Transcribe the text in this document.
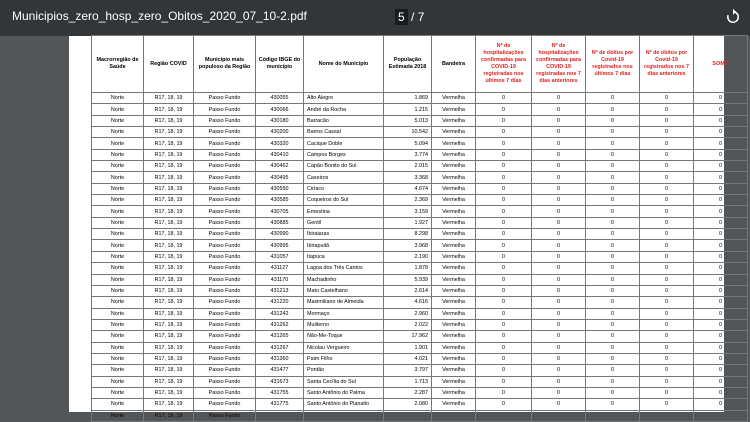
Municipios_zero_hosp_zero_Obitos_2020_07_10-2.pdf	5 / 7
Macrorregião de Saúde	Região COVID	Município mais populoso da Região	Código IBGE do município	Nome do Município	População Estimada 2018	Bandeira	Nº de hospitalizações confirmadas para COVID-19 registradas nos últimos 7 dias	Nº de hospitalizações confirmadas para COVID-19 registradas nos 7 dias anteriores	Nº de óbitos por Covid-19 registrados nos últimos 7 dias	Nº de óbitos por Covid-19 registrados nos 7 dias anteriores	SOMA
Norte	R17, 18, 19	Passo Fundo	430055	Alto Alegre	1.869	Vermelha	0	0	0	0	0
Norte	R17, 18, 19	Passo Fundo	430066	André da Rocha	1.215	Vermelha	0	0	0	0	0
Norte	R17, 18, 19	Passo Fundo	430180	Barracão	5.013	Vermelha	0	0	0	0	0
Norte	R17, 18, 19	Passo Fundo	430200	Barros Cassal	10.542	Vermelha	0	0	0	0	0
Norte	R17, 18, 19	Passo Fundo	430320	Cacique Doble	5.094	Vermelha	0	0	0	0	0
Norte	R17, 18, 19	Passo Fundo	430410	Campos Borges	3.774	Vermelha	0	0	0	0	0
Norte	R17, 18, 19	Passo Fundo	430462	Capão Bonito do Sul	2.015	Vermelha	0	0	0	0	0
Norte	R17, 18, 19	Passo Fundo	430495	Caseiros	3.368	Vermelha	0	0	0	0	0
Norte	R17, 18, 19	Passo Fundo	430550	Ciríaco	4.674	Vermelha	0	0	0	0	0
Norte	R17, 18, 19	Passo Fundo	430585	Coqueiros do Sul	2.369	Vermelha	0	0	0	0	0
Norte	R17, 18, 19	Passo Fundo	430705	Ernestina	3.159	Vermelha	0	0	0	0	0
Norte	R17, 18, 19	Passo Fundo	430885	Gentil	1.927	Vermelha	0	0	0	0	0
Norte	R17, 18, 19	Passo Fundo	430990	Ibiraiaras	8.298	Vermelha	0	0	0	0	0
Norte	R17, 18, 19	Passo Fundo	430995	Ibirapuitã	3.968	Vermelha	0	0	0	0	0
Norte	R17, 18, 19	Passo Fundo	431057	Itapuca	2.190	Vermelha	0	0	0	0	0
Norte	R17, 18, 19	Passo Fundo	431127	Lagoa dos Três Cantos	1.878	Vermelha	0	0	0	0	0
Norte	R17, 18, 19	Passo Fundo	431170	Machadinho	5.939	Vermelha	0	0	0	0	0
Norte	R17, 18, 19	Passo Fundo	431213	Mato Castelhano	2.614	Vermelha	0	0	0	0	0
Norte	R17, 18, 19	Passo Fundo	431220	Maximiliano de Almeida	4.616	Vermelha	0	0	0	0	0
Norte	R17, 18, 19	Passo Fundo	431242	Mormaço	2.960	Vermelha	0	0	0	0	0
Norte	R17, 18, 19	Passo Fundo	431262	Muliterno	2.022	Vermelha	0	0	0	0	0
Norte	R17, 18, 19	Passo Fundo	431265	Não-Me-Toque	17.962	Vermelha	0	0	0	0	0
Norte	R17, 18, 19	Passo Fundo	431267	Nicolau Vergueiro	1.901	Vermelha	0	0	0	0	0
Norte	R17, 18, 19	Passo Fundo	431360	Paim Filho	4.021	Vermelha	0	0	0	0	0
Norte	R17, 18, 19	Passo Fundo	431477	Pontão	3.797	Vermelha	0	0	0	0	0
Norte	R17, 18, 19	Passo Fundo	431673	Santa Cecília do Sul	1.713	Vermelha	0	0	0	0	0
Norte	R17, 18, 19	Passo Fundo	431755	Santo Antônio do Palma	2.287	Vermelha	0	0	0	0	0
Norte	R17, 18, 19	Passo Fundo	431775	Santo Antônio do Planalto	2.080	Vermelha	0	0	0	0	0
Norte	R17, 18, 19	Passo Fundo									
